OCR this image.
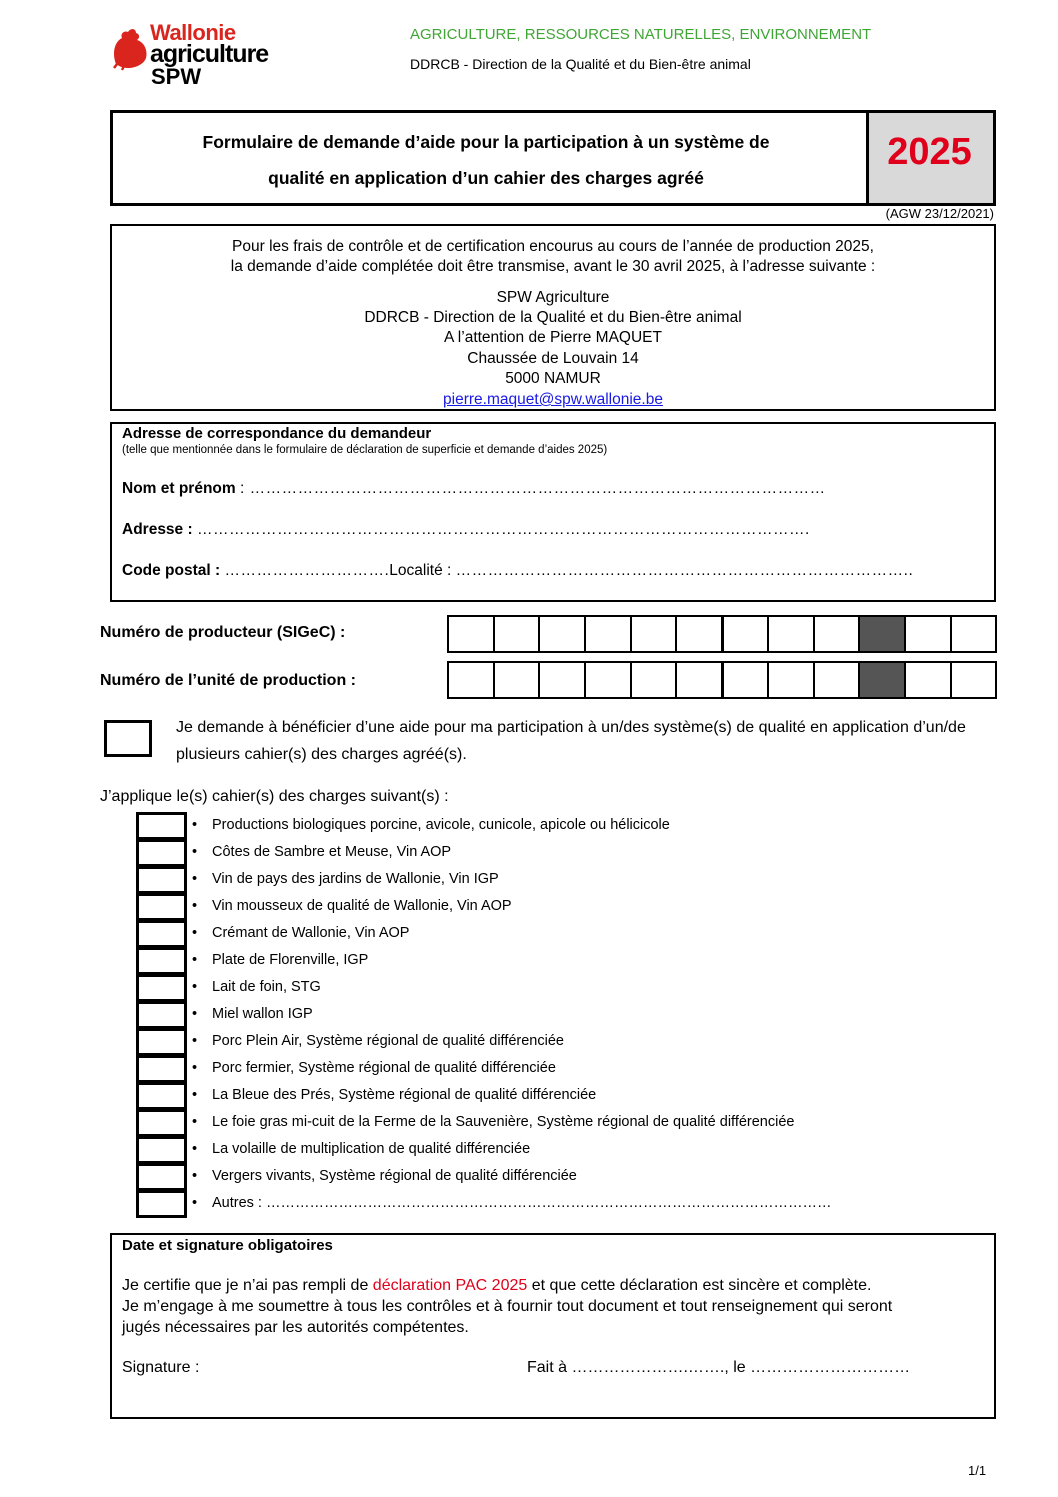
Wallonie
agriculture
SPW
AGRICULTURE, RESSOURCES NATURELLES, ENVIRONNEMENT
DDRCB - Direction de la Qualité et du Bien-être animal
Formulaire de demande d’aide pour la participation à un système de
qualité en application d’un cahier des charges agréé
2025
(AGW 23/12/2021)
Pour les frais de contrôle et de certification encourus au cours de l’année de production 2025,
la demande d’aide complétée doit être transmise, avant le 30 avril 2025, à l’adresse suivante :
SPW Agriculture
DDRCB - Direction de la Qualité et du Bien-être animal
A l’attention de Pierre MAQUET
Chaussée de Louvain 14
5000 NAMUR
pierre.maquet@spw.wallonie.be
Adresse de correspondance du demandeur
(telle que mentionnée dans le formulaire de déclaration de superficie et demande d’aides 2025)
Nom et prénom : ………………………………………………………………………………………………
Adresse : …………………………………………………………………………………………………….
Code postal : ………………………….Localité : …………………………………………………………………………..
Numéro de producteur (SIGeC) :
Numéro de l’unité de production :
Je demande à bénéficier d’une aide pour ma participation à un/des système(s) de qualité en application d’un/de plusieurs cahier(s) des charges agréé(s).
J’applique le(s) cahier(s) des charges suivant(s) :
• Productions biologiques porcine, avicole, cunicole, apicole ou hélicicole
• Côtes de Sambre et Meuse, Vin AOP
• Vin de pays des jardins de Wallonie, Vin IGP
• Vin mousseux de qualité de Wallonie, Vin AOP
• Crémant de Wallonie, Vin AOP
• Plate de Florenville, IGP
• Lait de foin, STG
• Miel wallon IGP
• Porc Plein Air, Système régional de qualité différenciée
• Porc fermier, Système régional de qualité différenciée
• La Bleue des Prés, Système régional de qualité différenciée
• Le foie gras mi-cuit de la Ferme de la Sauvenière, Système régional de qualité différenciée
• La volaille de multiplication de qualité différenciée
• Vergers vivants, Système régional de qualité différenciée
• Autres : ………………………………………………………………………………………………………
Date et signature obligatoires
Je certifie que je n’ai pas rempli de déclaration PAC 2025 et que cette déclaration est sincère et complète.
Je m’engage à me soumettre à tous les contrôles et à fournir tout document et tout renseignement qui seront
jugés nécessaires par les autorités compétentes.
Signature :	Fait à ………………….……., le …………………………
1/1
